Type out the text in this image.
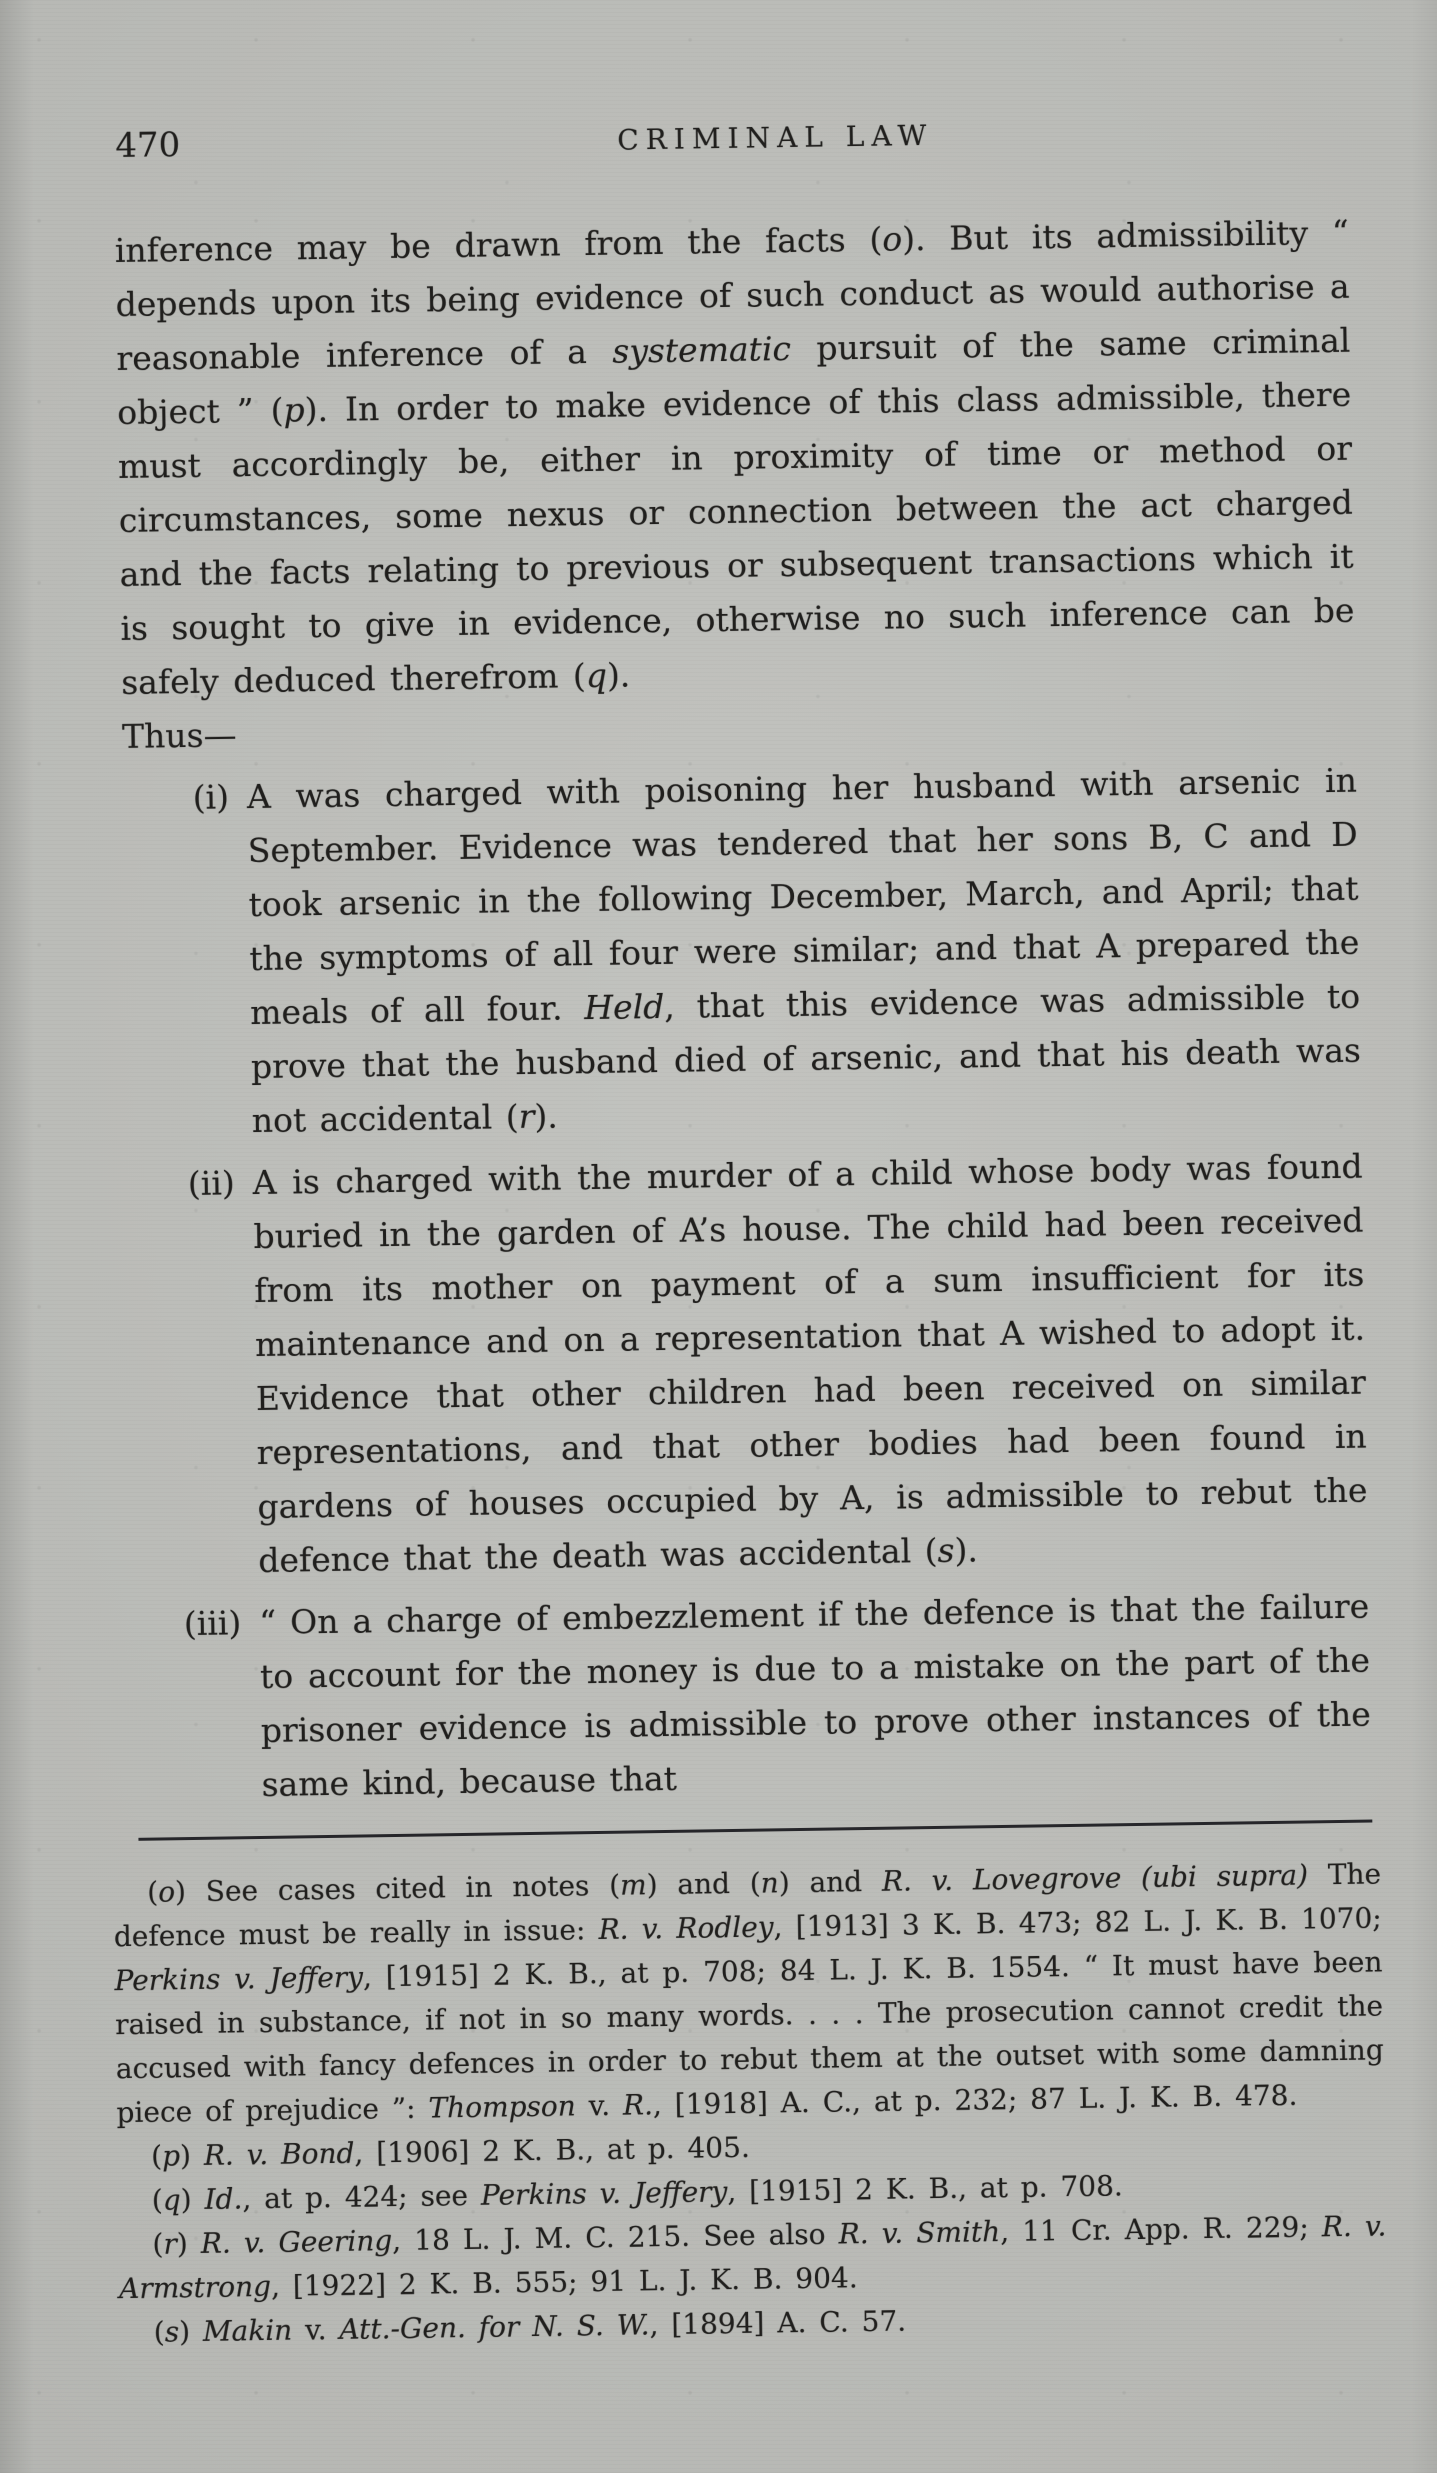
470	CRIMINAL LAW

inference may be drawn from the facts (o). But its admissibility “ depends upon its being evidence of such conduct as would authorise a reasonable inference of a systematic pursuit of the same criminal object ” (p). In order to make evidence of this class admissible, there must accordingly be, either in proximity of time or method or circumstances, some nexus or connection between the act charged and the facts relating to previous or subsequent transactions which it is sought to give in evidence, otherwise no such inference can be safely deduced therefrom (q).

Thus—

(i) A was charged with poisoning her husband with arsenic in September. Evidence was tendered that her sons B, C and D took arsenic in the following December, March, and April; that the symptoms of all four were similar; and that A prepared the meals of all four. Held, that this evidence was admissible to prove that the husband died of arsenic, and that his death was not accidental (r).

(ii) A is charged with the murder of a child whose body was found buried in the garden of A’s house. The child had been received from its mother on payment of a sum insufficient for its maintenance and on a representation that A wished to adopt it. Evidence that other children had been received on similar representations, and that other bodies had been found in gardens of houses occupied by A, is admissible to rebut the defence that the death was accidental (s).

(iii) “ On a charge of embezzlement if the defence is that the failure to account for the money is due to a mistake on the part of the prisoner evidence is admissible to prove other instances of the same kind, because that

(o) See cases cited in notes (m) and (n) and R. v. Lovegrove (ubi supra) The defence must be really in issue: R. v. Rodley, [1913] 3 K. B. 473; 82 L. J. K. B. 1070; Perkins v. Jeffery, [1915] 2 K. B., at p. 708; 84 L. J. K. B. 1554. “ It must have been raised in substance, if not in so many words. . . . The prosecution cannot credit the accused with fancy defences in order to rebut them at the outset with some damning piece of prejudice ”: Thompson v. R., [1918] A. C., at p. 232; 87 L. J. K. B. 478.

(p) R. v. Bond, [1906] 2 K. B., at p. 405.

(q) Id., at p. 424; see Perkins v. Jeffery, [1915] 2 K. B., at p. 708.

(r) R. v. Geering, 18 L. J. M. C. 215. See also R. v. Smith, 11 Cr. App. R. 229; R. v. Armstrong, [1922] 2 K. B. 555; 91 L. J. K. B. 904.

(s) Makin v. Att.-Gen. for N. S. W., [1894] A. C. 57.
